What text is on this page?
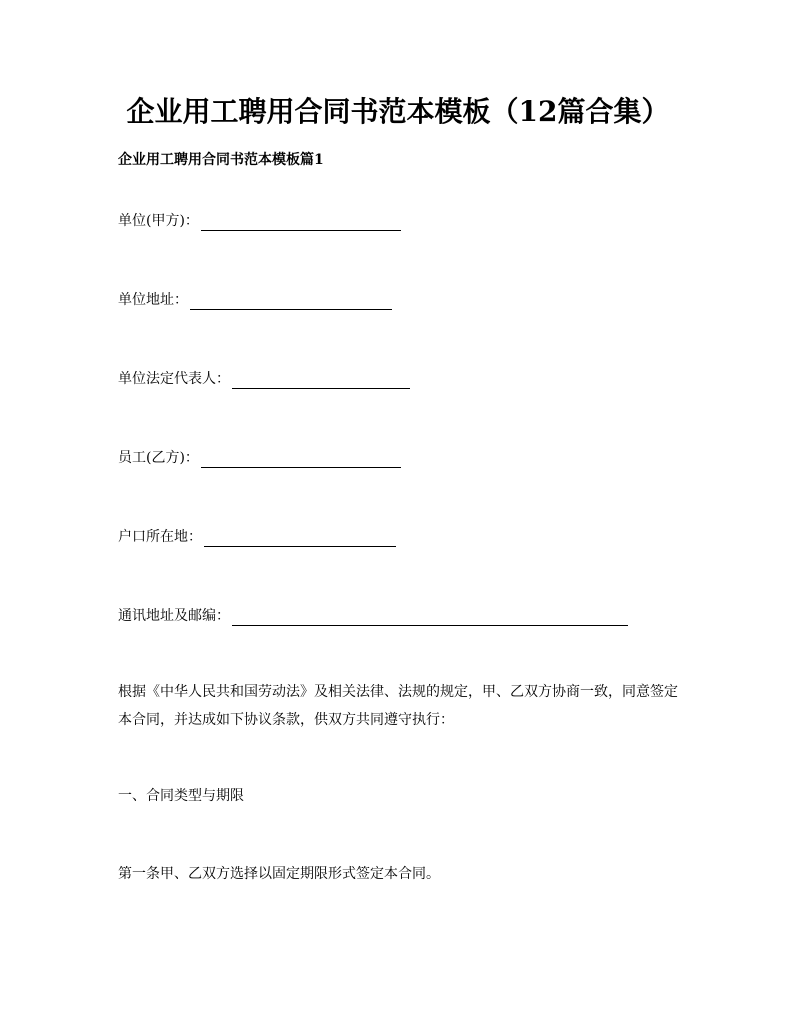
企业用工聘用合同书范本模板（12篇合集）
企业用工聘用合同书范本模板篇1
单位(甲方)：
单位地址：
单位法定代表人：
员工(乙方)：
户口所在地：
通讯地址及邮编：
根据《中华人民共和国劳动法》及相关法律、法规的规定，甲、乙双方协商一致，同意签定本合同，并达成如下协议条款，供双方共同遵守执行：
一、合同类型与期限
第一条甲、乙双方选择以固定期限形式签定本合同。
